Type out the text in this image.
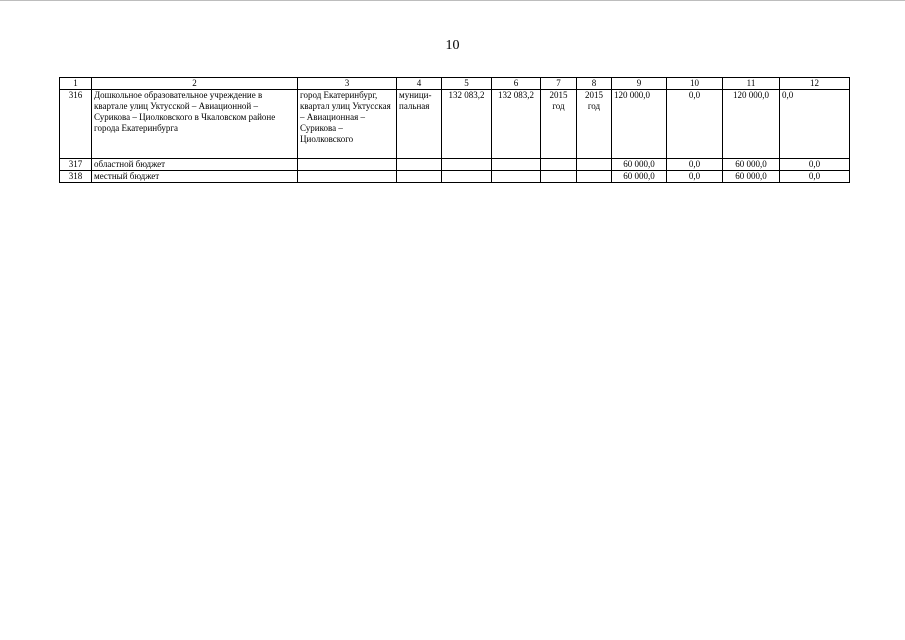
10
1	2	3	4	5	6	7	8	9	10	11	12
316	Дошкольное образовательное учреждение в квартале улиц Уктусской – Авиационной – Сурикова – Циолковского в Чкаловском районе города Екатеринбурга	город Екатеринбург, квартал улиц Уктусская – Авиационная – Сурикова – Циолковского	муници-пальная	132 083,2	132 083,2	2015 год	2015 год	120 000,0	0,0	120 000,0	0,0
317	областной бюджет							60 000,0	0,0	60 000,0	0,0
318	местный бюджет							60 000,0	0,0	60 000,0	0,0
